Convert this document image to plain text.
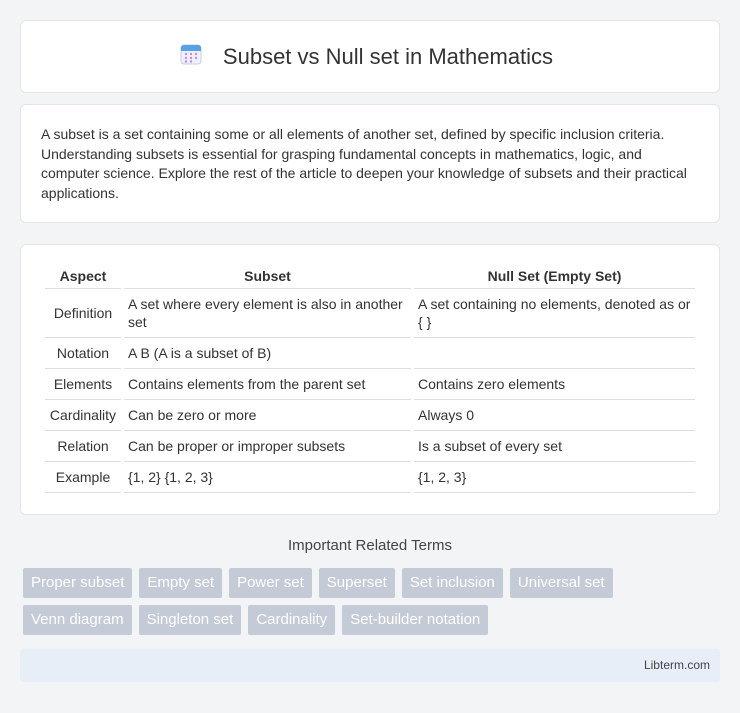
Subset vs Null set in Mathematics

A subset is a set containing some or all elements of another set, defined by specific inclusion criteria. Understanding subsets is essential for grasping fundamental concepts in mathematics, logic, and computer science. Explore the rest of the article to deepen your knowledge of subsets and their practical applications.

Aspect	Subset	Null Set (Empty Set)
Definition	A set where every element is also in another set	A set containing no elements, denoted as or { }
Notation	A B (A is a subset of B)	
Elements	Contains elements from the parent set	Contains zero elements
Cardinality	Can be zero or more	Always 0
Relation	Can be proper or improper subsets	Is a subset of every set
Example	{1, 2} {1, 2, 3}	{1, 2, 3}
Important Related Terms
Proper subset	Empty set	Power set	Superset	Set inclusion	Universal set
Venn diagram	Singleton set	Cardinality	Set-builder notation
Libterm.com
